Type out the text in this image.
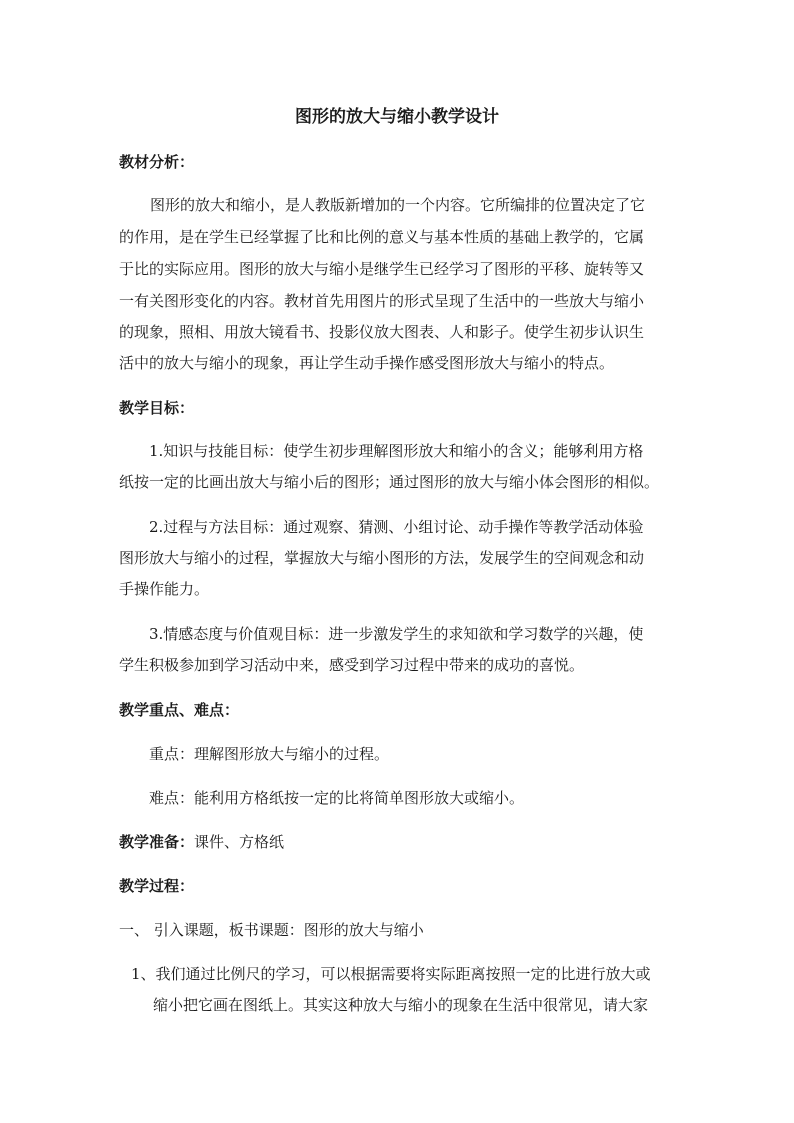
图形的放大与缩小教学设计
教材分析：
图形的放大和缩小，是人教版新增加的一个内容。它所编排的位置决定了它
的作用，是在学生已经掌握了比和比例的意义与基本性质的基础上教学的，它属
于比的实际应用。图形的放大与缩小是继学生已经学习了图形的平移、旋转等又
一有关图形变化的内容。教材首先用图片的形式呈现了生活中的一些放大与缩小
的现象，照相、用放大镜看书、投影仪放大图表、人和影子。使学生初步认识生
活中的放大与缩小的现象，再让学生动手操作感受图形放大与缩小的特点。
教学目标：
1.知识与技能目标：使学生初步理解图形放大和缩小的含义；能够利用方格
纸按一定的比画出放大与缩小后的图形；通过图形的放大与缩小体会图形的相似。
2.过程与方法目标：通过观察、猜测、小组讨论、动手操作等教学活动体验
图形放大与缩小的过程，掌握放大与缩小图形的方法，发展学生的空间观念和动
手操作能力。
3.情感态度与价值观目标：进一步激发学生的求知欲和学习数学的兴趣，使
学生积极参加到学习活动中来，感受到学习过程中带来的成功的喜悦。
教学重点、难点：
重点：理解图形放大与缩小的过程。
难点：能利用方格纸按一定的比将简单图形放大或缩小。
教学准备：课件、方格纸
教学过程：
一、 引入课题，板书课题：图形的放大与缩小
1、我们通过比例尺的学习，可以根据需要将实际距离按照一定的比进行放大或
缩小把它画在图纸上。其实这种放大与缩小的现象在生活中很常见，请大家
